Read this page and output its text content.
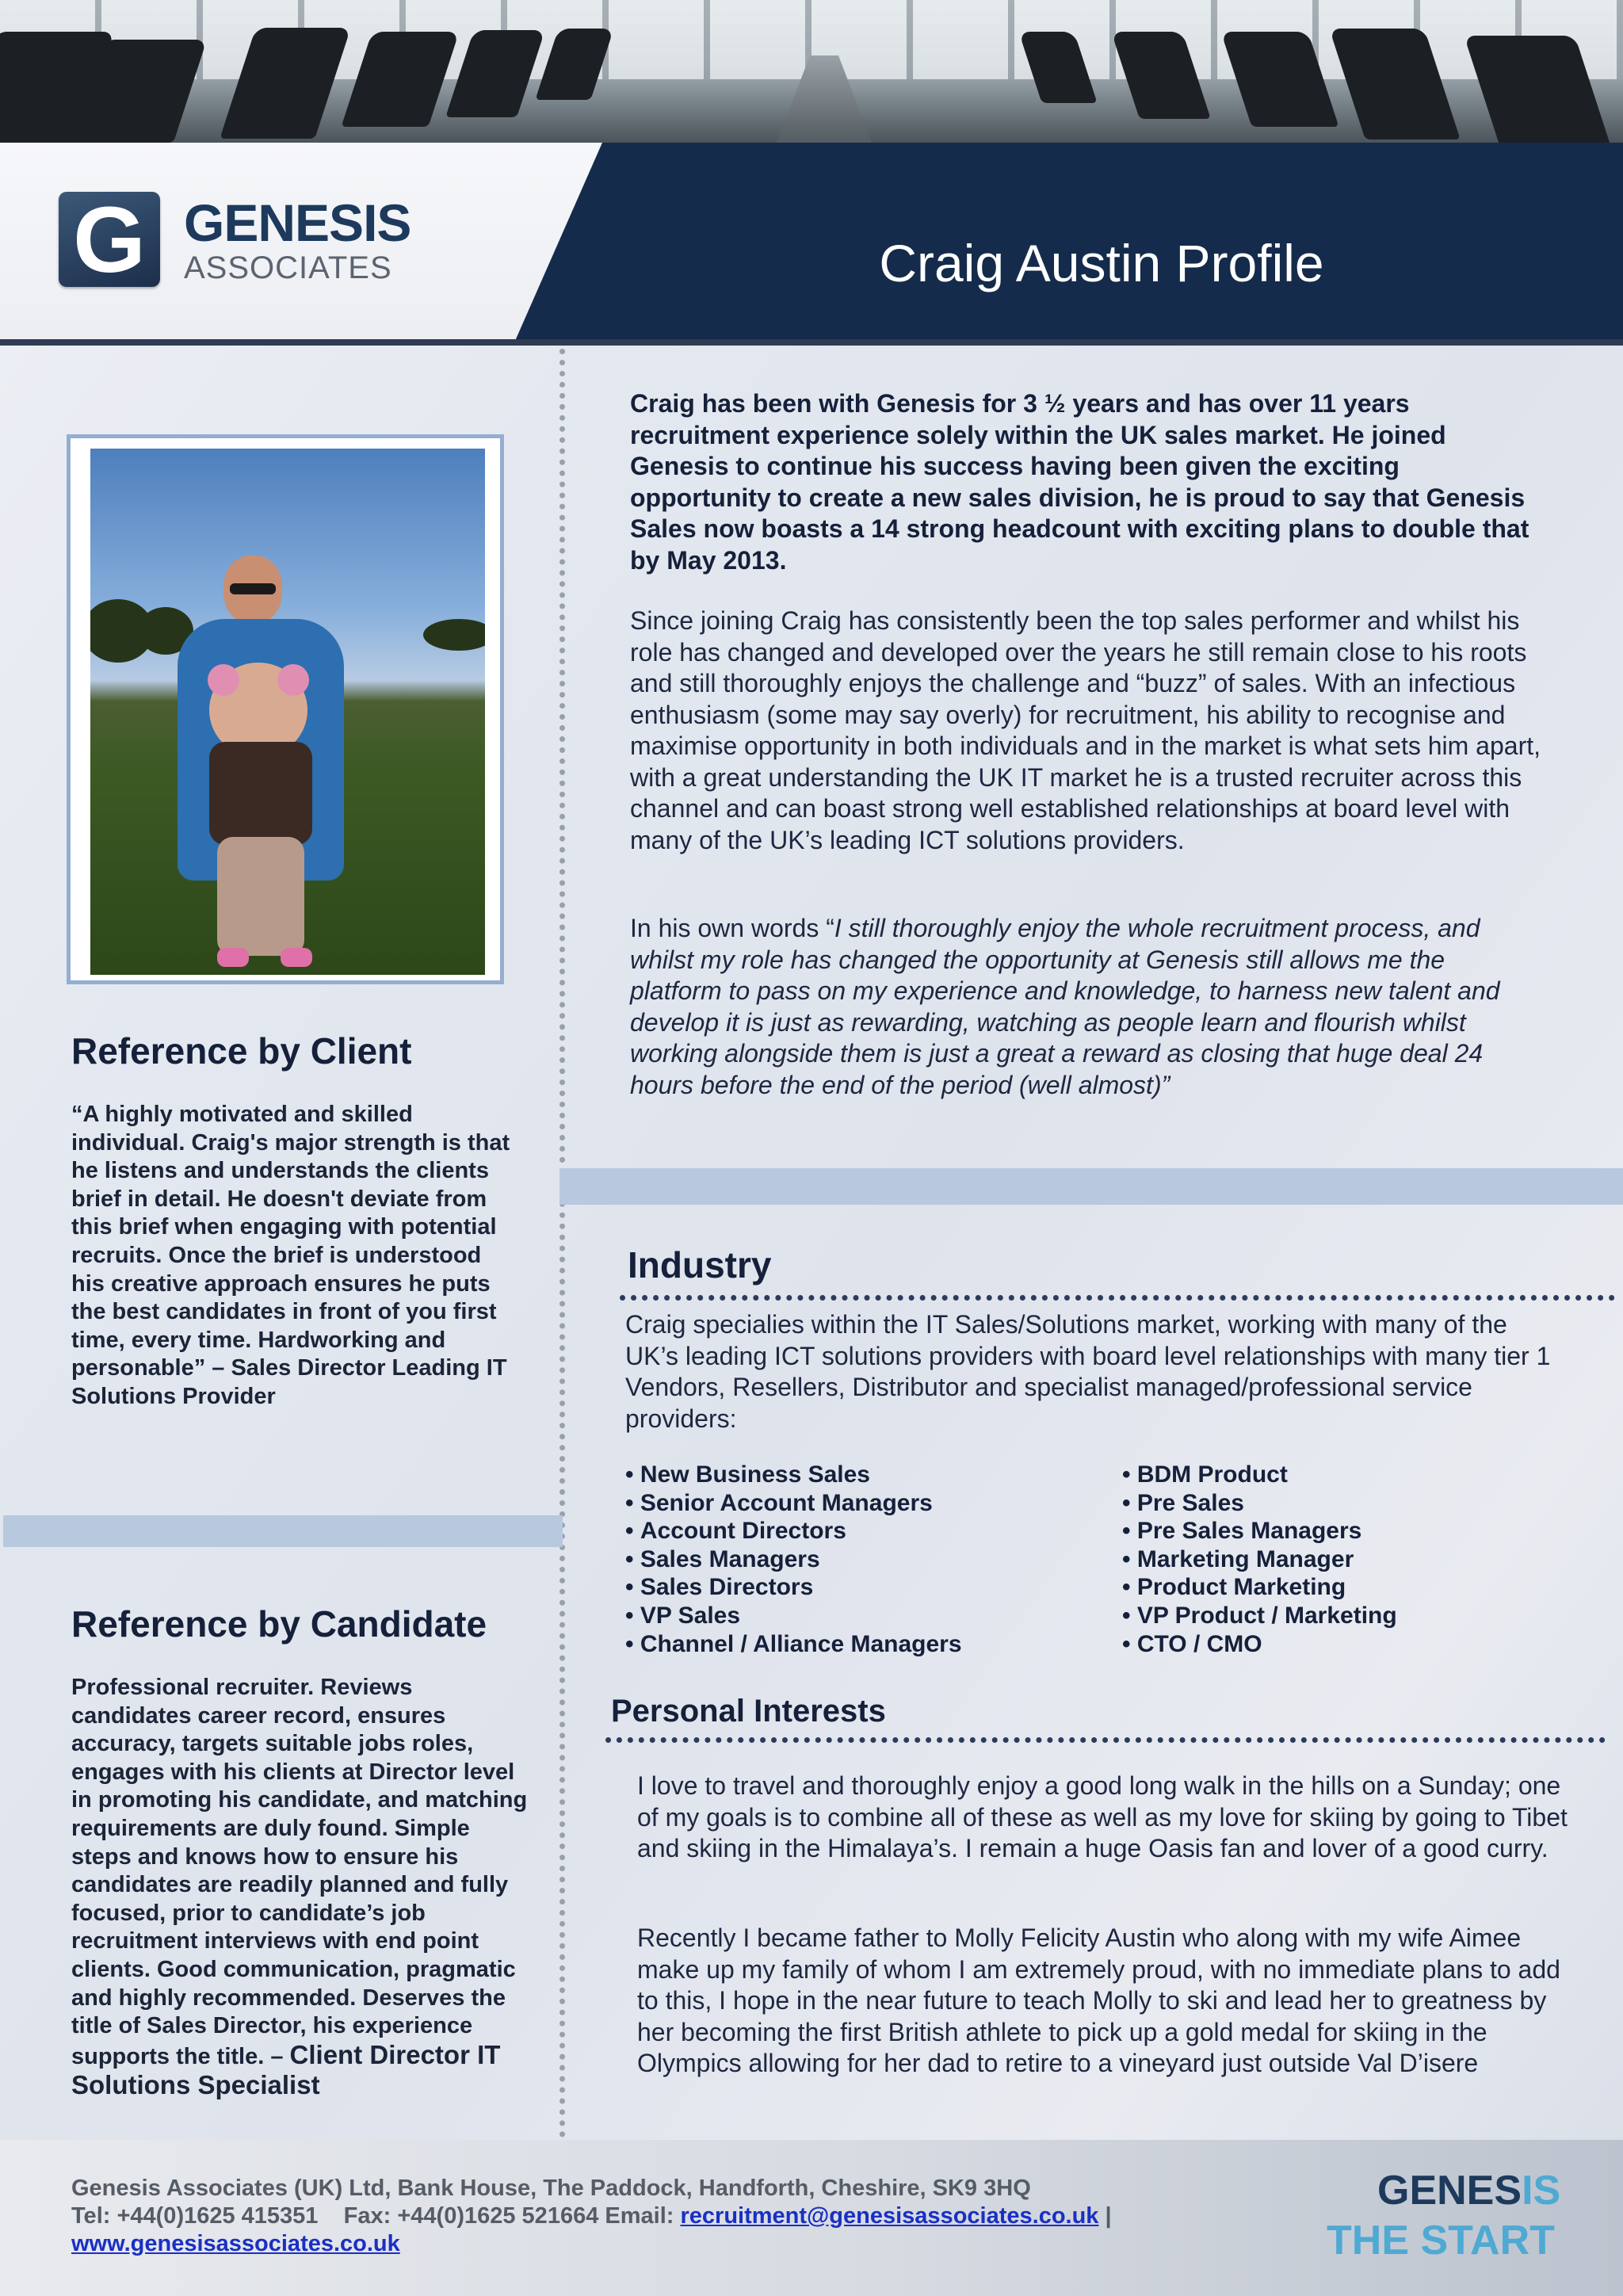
G GENESIS
ASSOCIATES	Craig Austin Profile
Reference by Client
“A highly motivated and skilled individual. Craig's major strength is that he listens and understands the clients brief in detail. He doesn't deviate from this brief when engaging with potential recruits. Once the brief is understood his creative approach ensures he puts the best candidates in front of you first time, every time. Hardworking and personable” – Sales Director Leading IT Solutions Provider
Reference by Candidate
Professional recruiter. Reviews candidates career record, ensures accuracy, targets suitable jobs roles, engages with his clients at Director level in promoting his candidate, and matching requirements are duly found. Simple steps and knows how to ensure his candidates are readily planned and fully focused, prior to candidate’s job recruitment interviews with end point clients. Good communication, pragmatic and highly recommended. Deserves the title of Sales Director, his experience supports the title. – Client Director IT Solutions Specialist
Craig has been with Genesis for 3 ½ years and has over 11 years recruitment experience solely within the UK sales market. He joined Genesis to continue his success having been given the exciting opportunity to create a new sales division, he is proud to say that Genesis Sales now boasts a 14 strong headcount with exciting plans to double that by May 2013.
Since joining Craig has consistently been the top sales performer and whilst his role has changed and developed over the years he still remain close to his roots and still thoroughly enjoys the challenge and “buzz” of sales. With an infectious enthusiasm (some may say overly) for recruitment, his ability to recognise and maximise opportunity in both individuals and in the market is what sets him apart, with a great understanding the UK IT market he is a trusted recruiter across this channel and can boast strong well established relationships at board level with many of the UK’s leading ICT solutions providers.
In his own words “I still thoroughly enjoy the whole recruitment process, and whilst my role has changed the opportunity at Genesis still allows me the platform to pass on my experience and knowledge, to harness new talent and develop it is just as rewarding, watching as people learn and flourish whilst working alongside them is just a great a reward as closing that huge deal 24 hours before the end of the period (well almost)”
Industry
Craig specialies within the IT Sales/Solutions market, working with many of the UK’s leading ICT solutions providers with board level relationships with many tier 1 Vendors, Resellers, Distributor and specialist managed/professional service providers:
• New Business Sales
• Senior Account Managers
• Account Directors
• Sales Managers
• Sales Directors
• VP Sales
• Channel / Alliance Managers
• BDM Product
• Pre Sales
• Pre Sales Managers
• Marketing Manager
• Product Marketing
• VP Product / Marketing
• CTO / CMO
Personal Interests
I love to travel and thoroughly enjoy a good long walk in the hills on a Sunday; one of my goals is to combine all of these as well as my love for skiing by going to Tibet and skiing in the Himalaya’s. I remain a huge Oasis fan and lover of a good curry.
Recently I became father to Molly Felicity Austin who along with my wife Aimee make up my family of whom I am extremely proud, with no immediate plans to add to this, I hope in the near future to teach Molly to ski and lead her to greatness by her becoming the first British athlete to pick up a gold medal for skiing in the Olympics allowing for her dad to retire to a vineyard just outside Val D’isere
Genesis Associates (UK) Ltd, Bank House, The Paddock, Handforth, Cheshire, SK9 3HQ
Tel: +44(0)1625 415351    Fax: +44(0)1625 521664 Email: recruitment@genesisassociates.co.uk |
www.genesisassociates.co.uk
GENESIS
THE START
